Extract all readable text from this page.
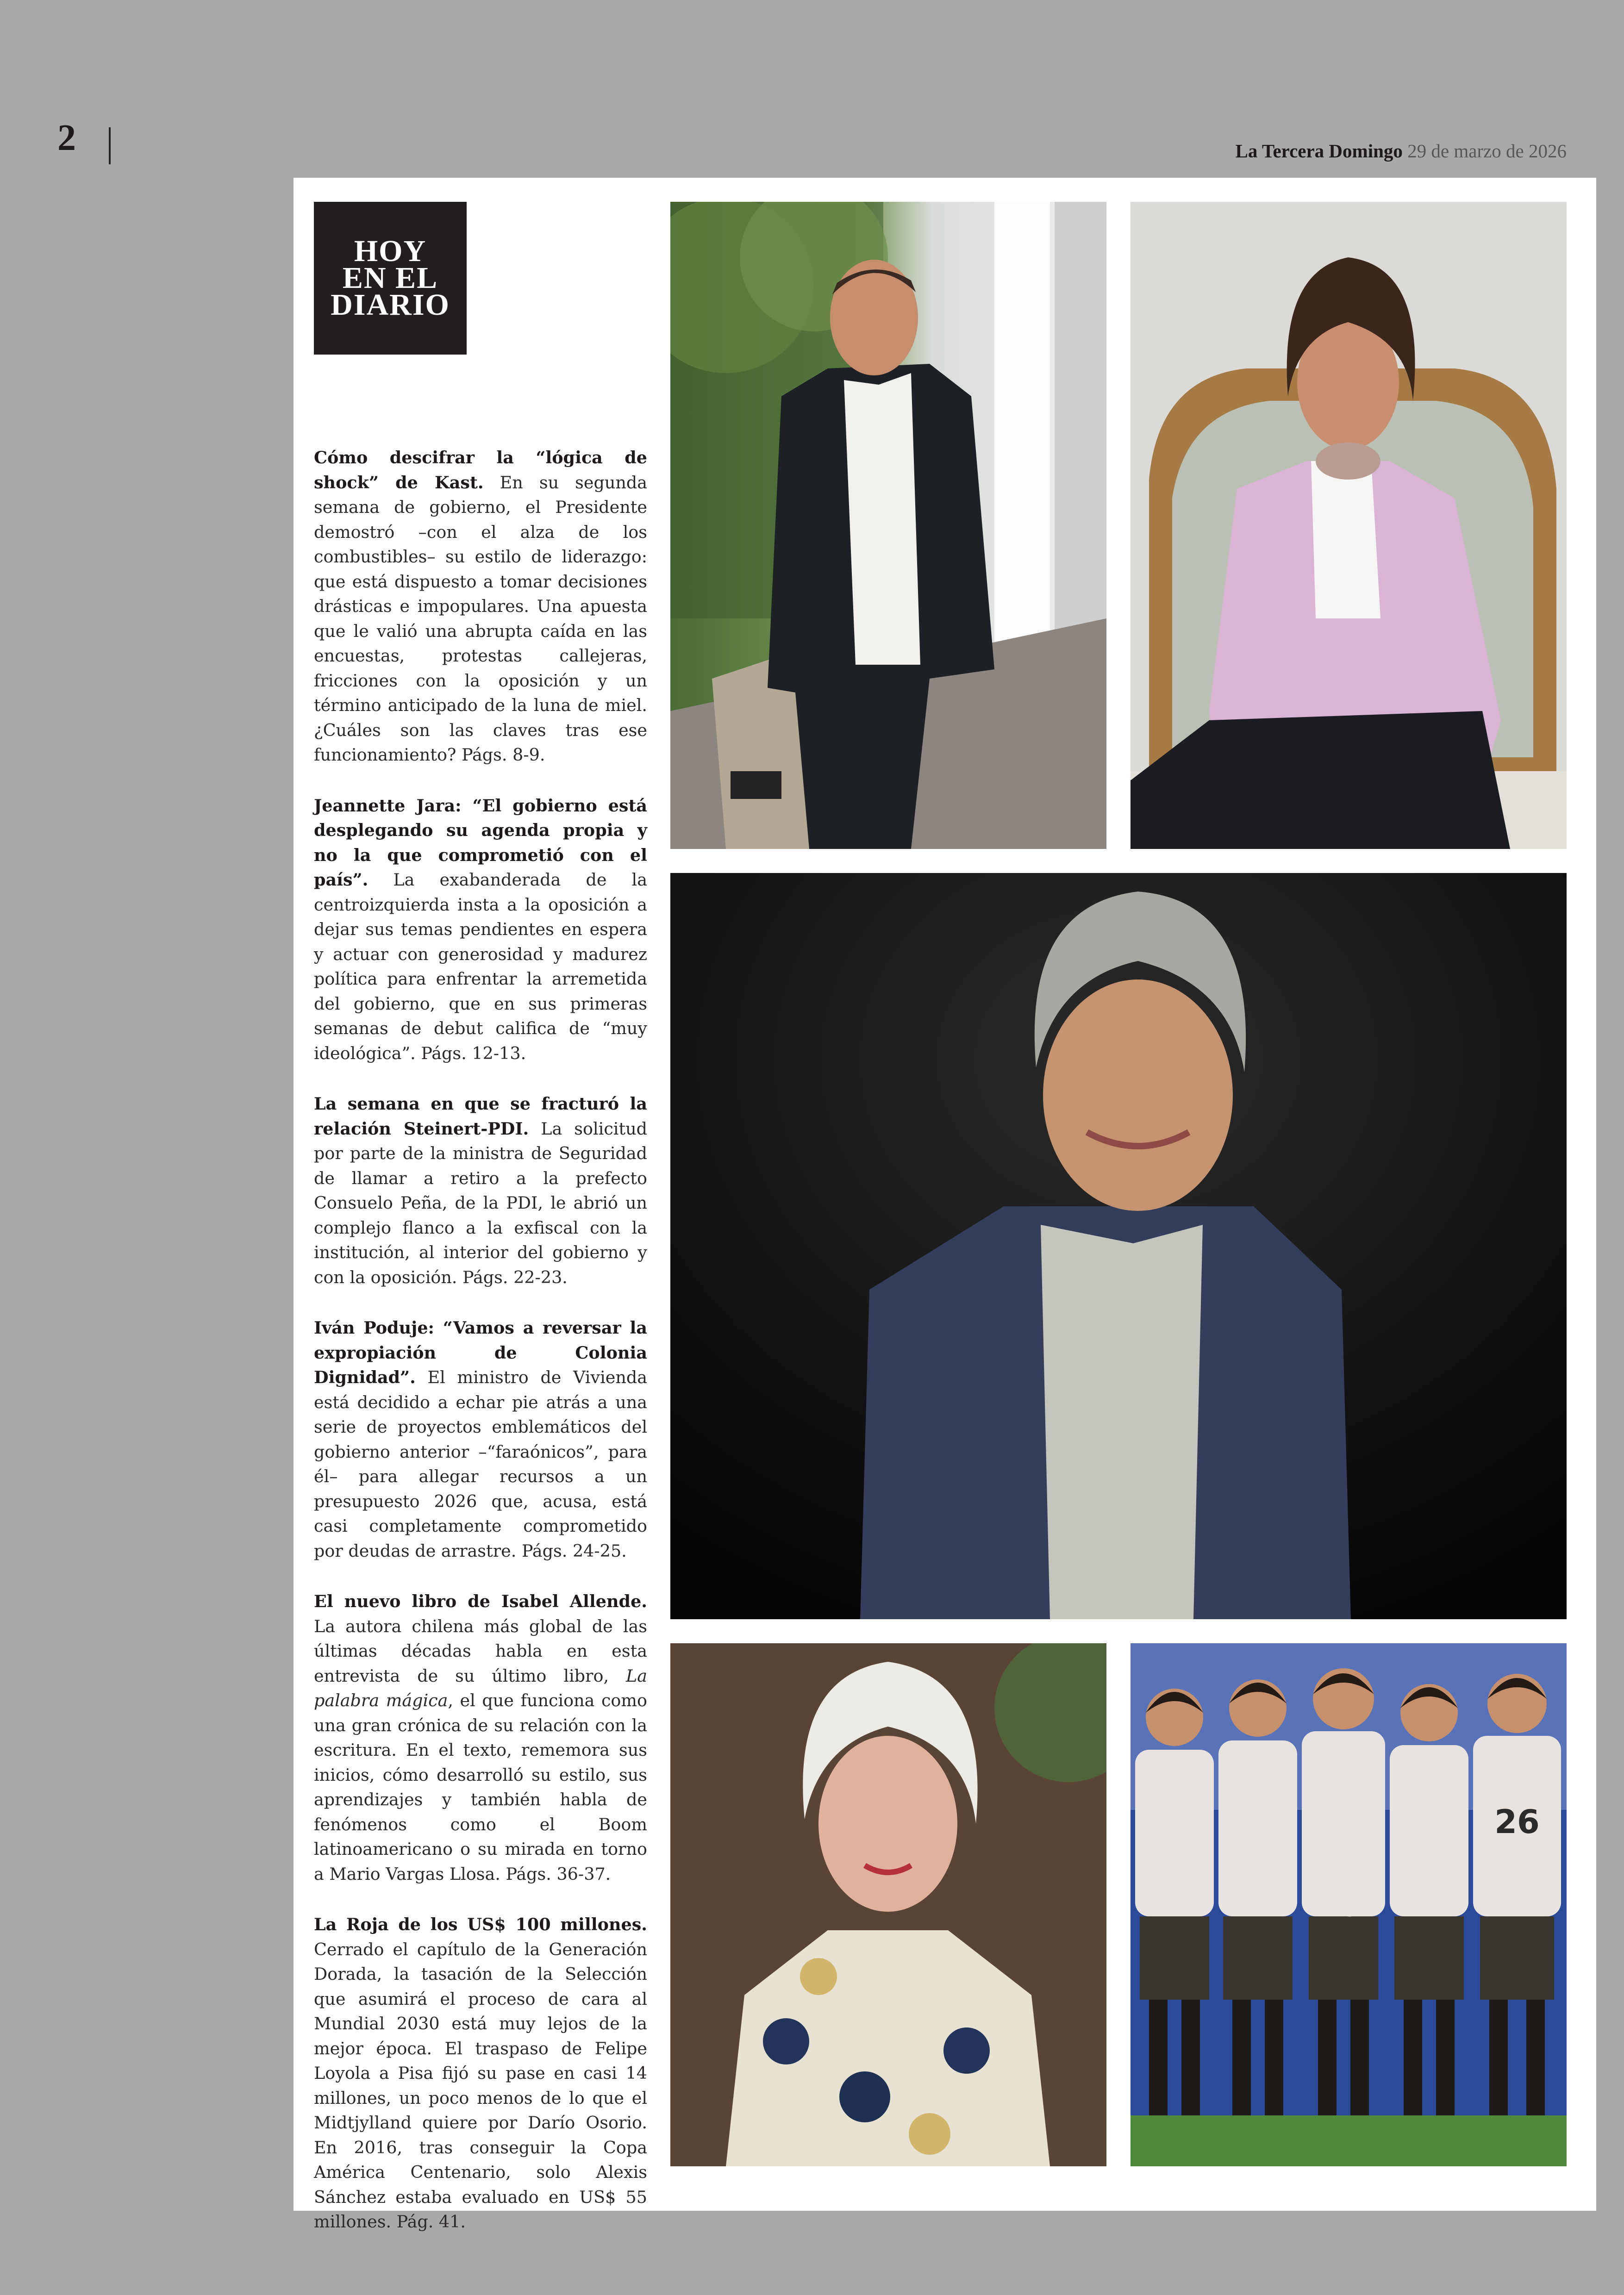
2	La Tercera Domingo 29 de marzo de 2026
HOY
EN EL
DIARIO

Cómo descifrar la “lógica de shock” de Kast. En su segunda semana de gobierno, el Presidente demostró –con el alza de los combustibles– su estilo de liderazgo: que está dispuesto a tomar decisiones drásticas e impopulares. Una apuesta que le valió una abrupta caída en las encuestas, protestas callejeras, fricciones con la oposición y un término anticipado de la luna de miel. ¿Cuáles son las claves tras ese funcionamiento? Págs. 8-9.

Jeannette Jara: “El gobierno está desplegando su agenda propia y no la que comprometió con el país”. La exabanderada de la centroizquierda insta a la oposición a dejar sus temas pendientes en espera y actuar con generosidad y madurez política para enfrentar la arremetida del gobierno, que en sus primeras semanas de debut califica de “muy ideológica”. Págs. 12-13.

La semana en que se fracturó la relación Steinert-PDI. La solicitud por parte de la ministra de Seguridad de llamar a retiro a la prefecto Consuelo Peña, de la PDI, le abrió un complejo flanco a la exfiscal con la institución, al interior del gobierno y con la oposición. Págs. 22-23.

Iván Poduje: “Vamos a reversar la expropiación de Colonia Dignidad”. El ministro de Vivienda está decidido a echar pie atrás a una serie de proyectos emblemáticos del gobierno anterior –“faraónicos”, para él– para allegar recursos a un presupuesto 2026 que, acusa, está casi completamente comprometido por deudas de arrastre. Págs. 24-25.

El nuevo libro de Isabel Allende. La autora chilena más global de las últimas décadas habla en esta entrevista de su último libro, La palabra mágica, el que funciona como una gran crónica de su relación con la escritura. En el texto, rememora sus inicios, cómo desarrolló su estilo, sus aprendizajes y también habla de fenómenos como el Boom latinoamericano o su mirada en torno a Mario Vargas Llosa. Págs. 36-37.

La Roja de los US$ 100 millones. Cerrado el capítulo de la Generación Dorada, la tasación de la Selección que asumirá el proceso de cara al Mundial 2030 está muy lejos de la mejor época. El traspaso de Felipe Loyola a Pisa fijó su pase en casi 14 millones, un poco menos de lo que el Midtjylland quiere por Darío Osorio. En 2016, tras conseguir la Copa América Centenario, solo Alexis Sánchez estaba evaluado en US$ 55 millones. Pág. 41.

26
19 17
